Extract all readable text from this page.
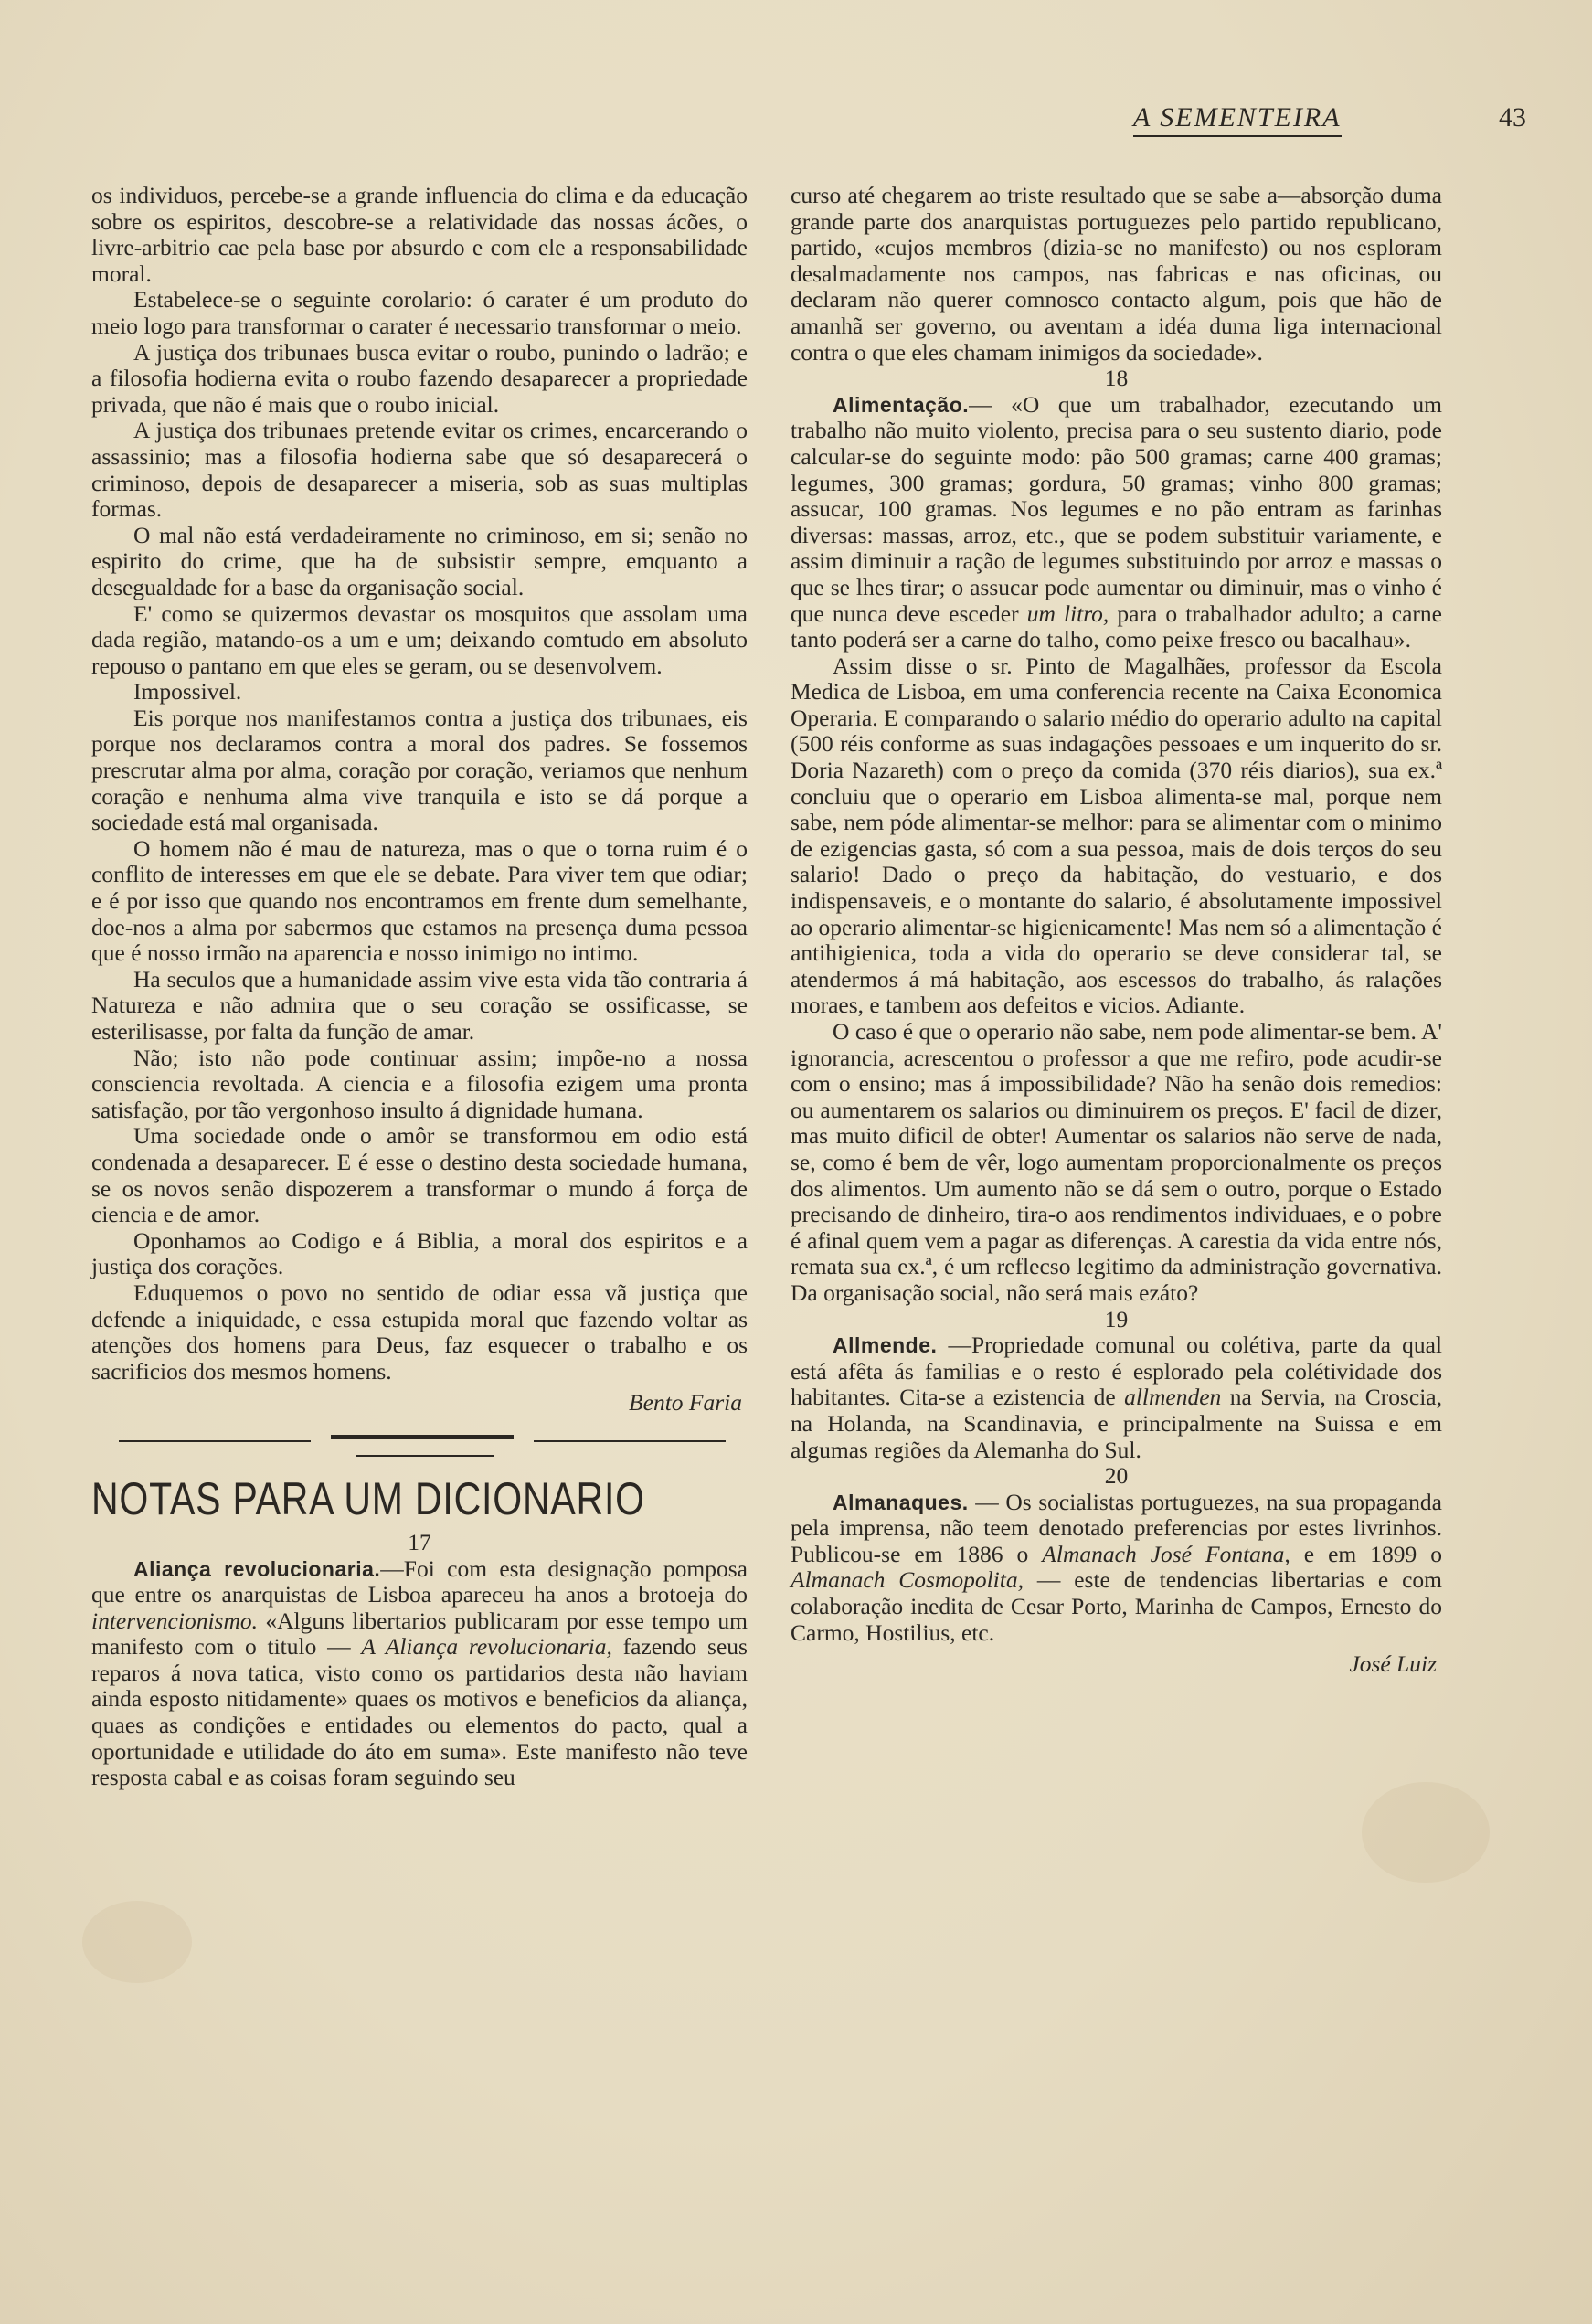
A SEMENTEIRA	43

os individuos, percebe-se a grande influencia do clima e da educação sobre os espiritos, descobre-se a relatividade das nossas ácões, o livre-arbitrio cae pela base por absurdo e com ele a responsabilidade moral.

Estabelece-se o seguinte corolario: ó carater é um produto do meio logo para transformar o carater é necessario transformar o meio.

A justiça dos tribunaes busca evitar o roubo, punindo o ladrão; e a filosofia hodierna evita o roubo fazendo desaparecer a propriedade privada, que não é mais que o roubo inicial.

A justiça dos tribunaes pretende evitar os crimes, encarcerando o assassinio; mas a filosofia hodierna sabe que só desaparecerá o criminoso, depois de desaparecer a miseria, sob as suas multiplas formas.

O mal não está verdadeiramente no criminoso, em si; senão no espirito do crime, que ha de subsistir sempre, emquanto a desegualdade for a base da organisação social.

E' como se quizermos devastar os mosquitos que assolam uma dada região, matando-os a um e um; deixando comtudo em absoluto repouso o pantano em que eles se geram, ou se desenvolvem.

Impossivel.

Eis porque nos manifestamos contra a justiça dos tribunaes, eis porque nos declaramos contra a moral dos padres. Se fossemos prescrutar alma por alma, coração por coração, veriamos que nenhum coração e nenhuma alma vive tranquila e isto se dá porque a sociedade está mal organisada.

O homem não é mau de natureza, mas o que o torna ruim é o conflito de interesses em que ele se debate. Para viver tem que odiar; e é por isso que quando nos encontramos em frente dum semelhante, doe-nos a alma por sabermos que estamos na presença duma pessoa que é nosso irmão na aparencia e nosso inimigo no intimo.

Ha seculos que a humanidade assim vive esta vida tão contraria á Natureza e não admira que o seu coração se ossificasse, se esterilisasse, por falta da função de amar.

Não; isto não pode continuar assim; impõe-no a nossa consciencia revoltada. A ciencia e a filosofia ezigem uma pronta satisfação, por tão vergonhoso insulto á dignidade humana.

Uma sociedade onde o amôr se transformou em odio está condenada a desaparecer. E é esse o destino desta sociedade humana, se os novos senão dispozerem a transformar o mundo á força de ciencia e de amor.

Oponhamos ao Codigo e á Biblia, a moral dos espiritos e a justiça dos corações.

Eduquemos o povo no sentido de odiar essa vã justiça que defende a iniquidade, e essa estupida moral que fazendo voltar as atenções dos homens para Deus, faz esquecer o trabalho e os sacrificios dos mesmos homens.

Bento Faria

NOTAS PARA UM DICIONARIO

17

Aliança revolucionaria.—Foi com esta designação pomposa que entre os anarquistas de Lisboa apareceu ha anos a brotoeja do intervencionismo. «Alguns libertarios publicaram por esse tempo um manifesto com o titulo — A Aliança revolucionaria, fazendo seus reparos á nova tatica, visto como os partidarios desta não haviam ainda esposto nitidamente» quaes os motivos e beneficios da aliança, quaes as condições e entidades ou elementos do pacto, qual a oportunidade e utilidade do áto em suma». Este manifesto não teve resposta cabal e as coisas foram seguindo seu

curso até chegarem ao triste resultado que se sabe a—absorção duma grande parte dos anarquistas portuguezes pelo partido republicano, partido, «cujos membros (dizia-se no manifesto) ou nos esploram desalmadamente nos campos, nas fabricas e nas oficinas, ou declaram não querer comnosco contacto algum, pois que hão de amanhã ser governo, ou aventam a idéa duma liga internacional contra o que eles chamam inimigos da sociedade».

18

Alimentação.— «O que um trabalhador, ezecutando um trabalho não muito violento, precisa para o seu sustento diario, pode calcular-se do seguinte modo: pão 500 gramas; carne 400 gramas; legumes, 300 gramas; gordura, 50 gramas; vinho 800 gramas; assucar, 100 gramas. Nos legumes e no pão entram as farinhas diversas: massas, arroz, etc., que se podem substituir variamente, e assim diminuir a ração de legumes substituindo por arroz e massas o que se lhes tirar; o assucar pode aumentar ou diminuir, mas o vinho é que nunca deve esceder um litro, para o trabalhador adulto; a carne tanto poderá ser a carne do talho, como peixe fresco ou bacalhau».

Assim disse o sr. Pinto de Magalhães, professor da Escola Medica de Lisboa, em uma conferencia recente na Caixa Economica Operaria. E comparando o salario médio do operario adulto na capital (500 réis conforme as suas indagações pessoaes e um inquerito do sr. Doria Nazareth) com o preço da comida (370 réis diarios), sua ex.ª concluiu que o operario em Lisboa alimenta-se mal, porque nem sabe, nem póde alimentar-se melhor: para se alimentar com o minimo de ezigencias gasta, só com a sua pessoa, mais de dois terços do seu salario! Dado o preço da habitação, do vestuario, e dos indispensaveis, e o montante do salario, é absolutamente impossivel ao operario alimentar-se higienicamente! Mas nem só a alimentação é antihigienica, toda a vida do operario se deve considerar tal, se atendermos á má habitação, aos escessos do trabalho, ás ralações moraes, e tambem aos defeitos e vicios. Adiante.

O caso é que o operario não sabe, nem pode alimentar-se bem. A' ignorancia, acrescentou o professor a que me refiro, pode acudir-se com o ensino; mas á impossibilidade? Não ha senão dois remedios: ou aumentarem os salarios ou diminuirem os preços. E' facil de dizer, mas muito dificil de obter! Aumentar os salarios não serve de nada, se, como é bem de vêr, logo aumentam proporcionalmente os preços dos alimentos. Um aumento não se dá sem o outro, porque o Estado precisando de dinheiro, tira-o aos rendimentos individuaes, e o pobre é afinal quem vem a pagar as diferenças. A carestia da vida entre nós, remata sua ex.ª, é um reflecso legitimo da administração governativa. Da organisação social, não será mais ezáto?

19

Allmende. —Propriedade comunal ou colétiva, parte da qual está afêta ás familias e o resto é esplorado pela colétividade dos habitantes. Cita-se a ezistencia de allmenden na Servia, na Croscia, na Holanda, na Scandinavia, e principalmente na Suissa e em algumas regiões da Alemanha do Sul.

20

Almanaques. — Os socialistas portuguezes, na sua propaganda pela imprensa, não teem denotado preferencias por estes livrinhos. Publicou-se em 1886 o Almanach José Fontana, e em 1899 o Almanach Cosmopolita, — este de tendencias libertarias e com colaboração inedita de Cesar Porto, Marinha de Campos, Ernesto do Carmo, Hostilius, etc.

José Luiz
